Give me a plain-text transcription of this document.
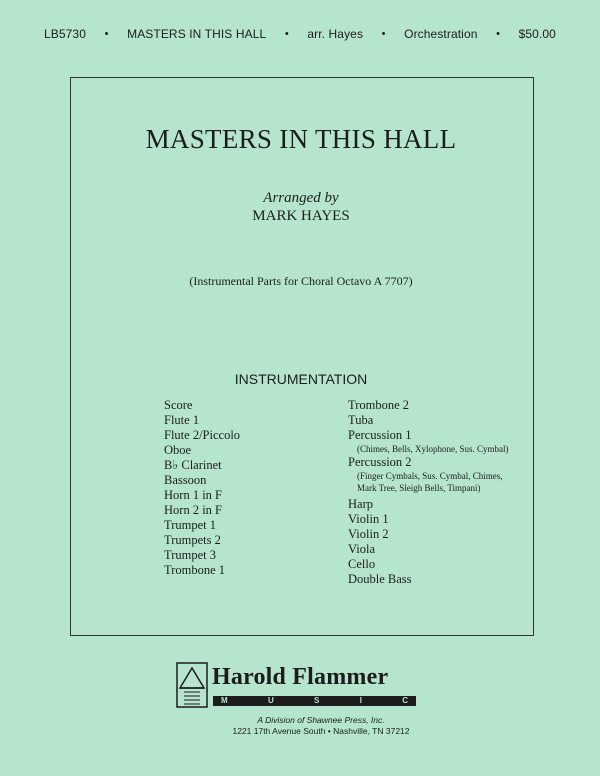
LB5730 • MASTERS IN THIS HALL • arr. Hayes • Orchestration • $50.00
MASTERS IN THIS HALL
Arranged by
MARK HAYES
(Instrumental Parts for Choral Octavo A 7707)
INSTRUMENTATION
Score
Flute 1
Flute 2/Piccolo
Oboe
B♭ Clarinet
Bassoon
Horn 1 in F
Horn 2 in F
Trumpet 1
Trumpets 2
Trumpet 3
Trombone 1
Trombone 2
Tuba
Percussion 1
(Chimes, Bells, Xylophone, Sus. Cymbal)
Percussion 2
(Finger Cymbals, Sus. Cymbal, Chimes,
Mark Tree, Sleigh Bells, Timpani)
Harp
Violin 1
Violin 2
Viola
Cello
Double Bass
Harold Flammer
M	U	S	I	C
A Division of Shawnee Press, Inc.
1221 17th Avenue South • Nashville, TN 37212
